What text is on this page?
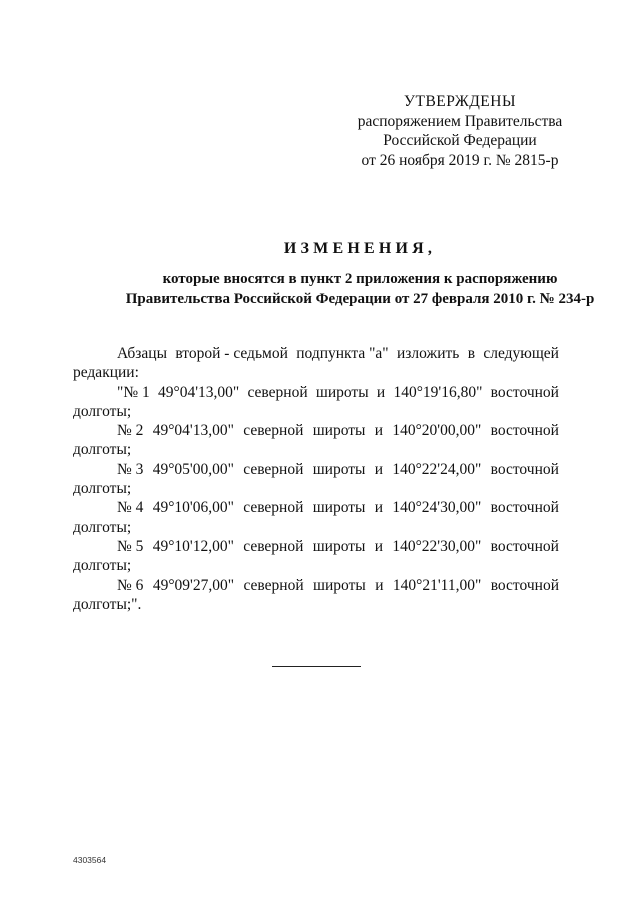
УТВЕРЖДЕНЫ
распоряжением Правительства
Российской Федерации
от 26 ноября 2019 г. № 2815-р
ИЗМЕНЕНИЯ,
которые вносятся в пункт 2 приложения к распоряжению
Правительства Российской Федерации от 27 февраля 2010 г. № 234-р
Абзацы второй - седьмой подпункта "а" изложить в следующей
редакции:
"№ 1 49°04'13,00" северной широты и 140°19'16,80" восточной
долготы;
№ 2 49°04'13,00" северной широты и 140°20'00,00" восточной
долготы;
№ 3 49°05'00,00" северной широты и 140°22'24,00" восточной
долготы;
№ 4 49°10'06,00" северной широты и 140°24'30,00" восточной
долготы;
№ 5 49°10'12,00" северной широты и 140°22'30,00" восточной
долготы;
№ 6 49°09'27,00" северной широты и 140°21'11,00" восточной
долготы;".
4303564
